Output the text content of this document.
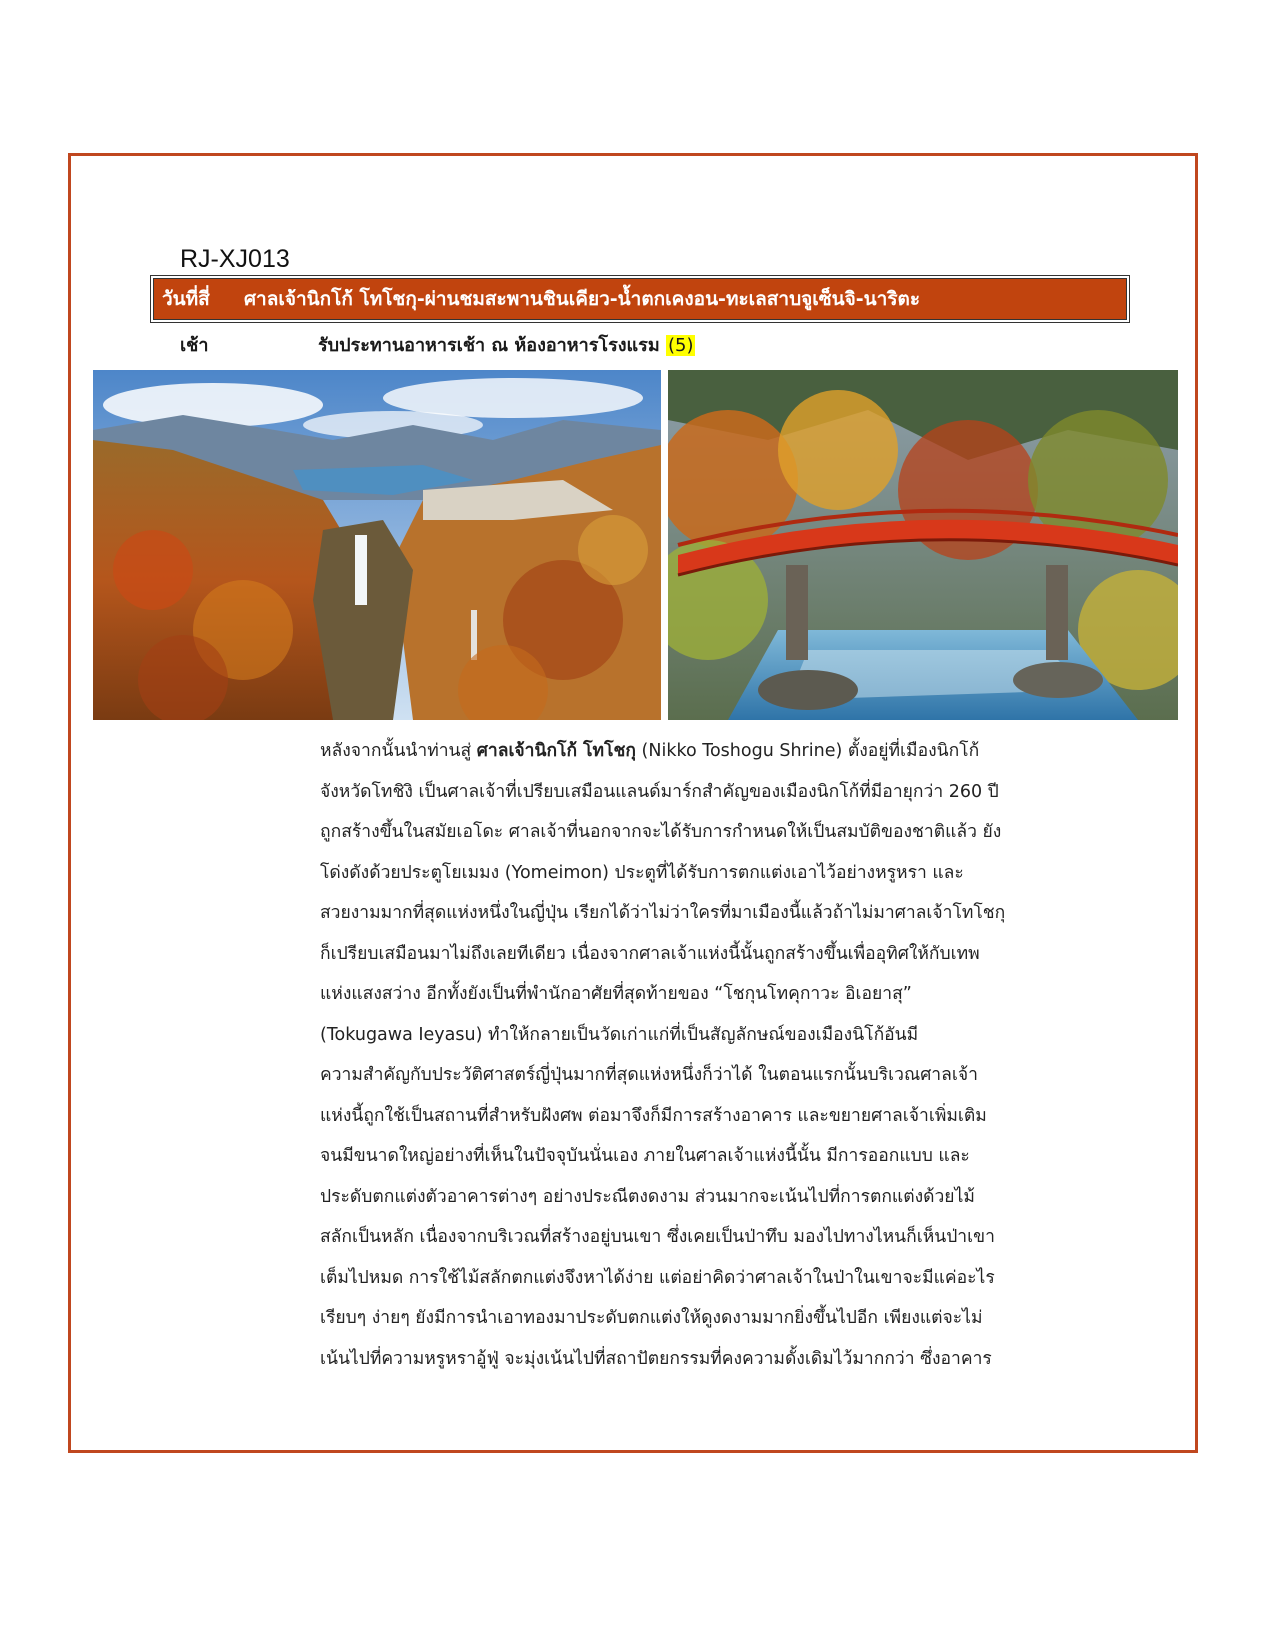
RJ-XJ013
วันที่สี่	ศาลเจ้านิกโก้ โทโชกุ-ผ่านชมสะพานชินเคียว-น้ำตกเคงอน-ทะเลสาบจูเซ็นจิ-นาริตะ
เช้า	รับประทานอาหารเช้า ณ ห้องอาหารโรงแรม (5)

หลังจากนั้นนำท่านสู่ ศาลเจ้านิกโก้ โทโชกุ (Nikko Toshogu Shrine) ตั้งอยู่ที่เมืองนิกโก้

จังหวัดโทชิงิ เป็นศาลเจ้าที่เปรียบเสมือนแลนด์มาร์กสำคัญของเมืองนิกโก้ที่มีอายุกว่า 260 ปี

ถูกสร้างขึ้นในสมัยเอโดะ ศาลเจ้าที่นอกจากจะได้รับการกำหนดให้เป็นสมบัติของชาติแล้ว ยัง

โด่งดังด้วยประตูโยเมมง (Yomeimon) ประตูที่ได้รับการตกแต่งเอาไว้อย่างหรูหรา และ

สวยงามมากที่สุดแห่งหนึ่งในญี่ปุ่น เรียกได้ว่าไม่ว่าใครที่มาเมืองนี้แล้วถ้าไม่มาศาลเจ้าโทโชกุ

ก็เปรียบเสมือนมาไม่ถึงเลยทีเดียว เนื่องจากศาลเจ้าแห่งนี้นั้นถูกสร้างขึ้นเพื่ออุทิศให้กับเทพ

แห่งแสงสว่าง อีกทั้งยังเป็นที่พำนักอาศัยที่สุดท้ายของ “โชกุนโทคุกาวะ อิเอยาสุ”

(Tokugawa Ieyasu) ทำให้กลายเป็นวัดเก่าแก่ที่เป็นสัญลักษณ์ของเมืองนิโก้อันมี

ความสำคัญกับประวัติศาสตร์ญี่ปุ่นมากที่สุดแห่งหนึ่งก็ว่าได้ ในตอนแรกนั้นบริเวณศาลเจ้า

แห่งนี้ถูกใช้เป็นสถานที่สำหรับฝังศพ ต่อมาจึงก็มีการสร้างอาคาร และขยายศาลเจ้าเพิ่มเติม

จนมีขนาดใหญ่อย่างที่เห็นในปัจจุบันนั่นเอง ภายในศาลเจ้าแห่งนี้นั้น มีการออกแบบ และ

ประดับตกแต่งตัวอาคารต่างๆ อย่างประณีตงดงาม ส่วนมากจะเน้นไปที่การตกแต่งด้วยไม้

สลักเป็นหลัก เนื่องจากบริเวณที่สร้างอยู่บนเขา ซึ่งเคยเป็นป่าทึบ มองไปทางไหนก็เห็นป่าเขา

เต็มไปหมด การใช้ไม้สลักตกแต่งจึงหาได้ง่าย แต่อย่าคิดว่าศาลเจ้าในป่าในเขาจะมีแค่อะไร

เรียบๆ ง่ายๆ ยังมีการนำเอาทองมาประดับตกแต่งให้ดูงดงามมากยิ่งขึ้นไปอีก เพียงแต่จะไม่

เน้นไปที่ความหรูหราอู้ฟู่ จะมุ่งเน้นไปที่สถาปัตยกรรมที่คงความดั้งเดิมไว้มากกว่า ซึ่งอาคาร
